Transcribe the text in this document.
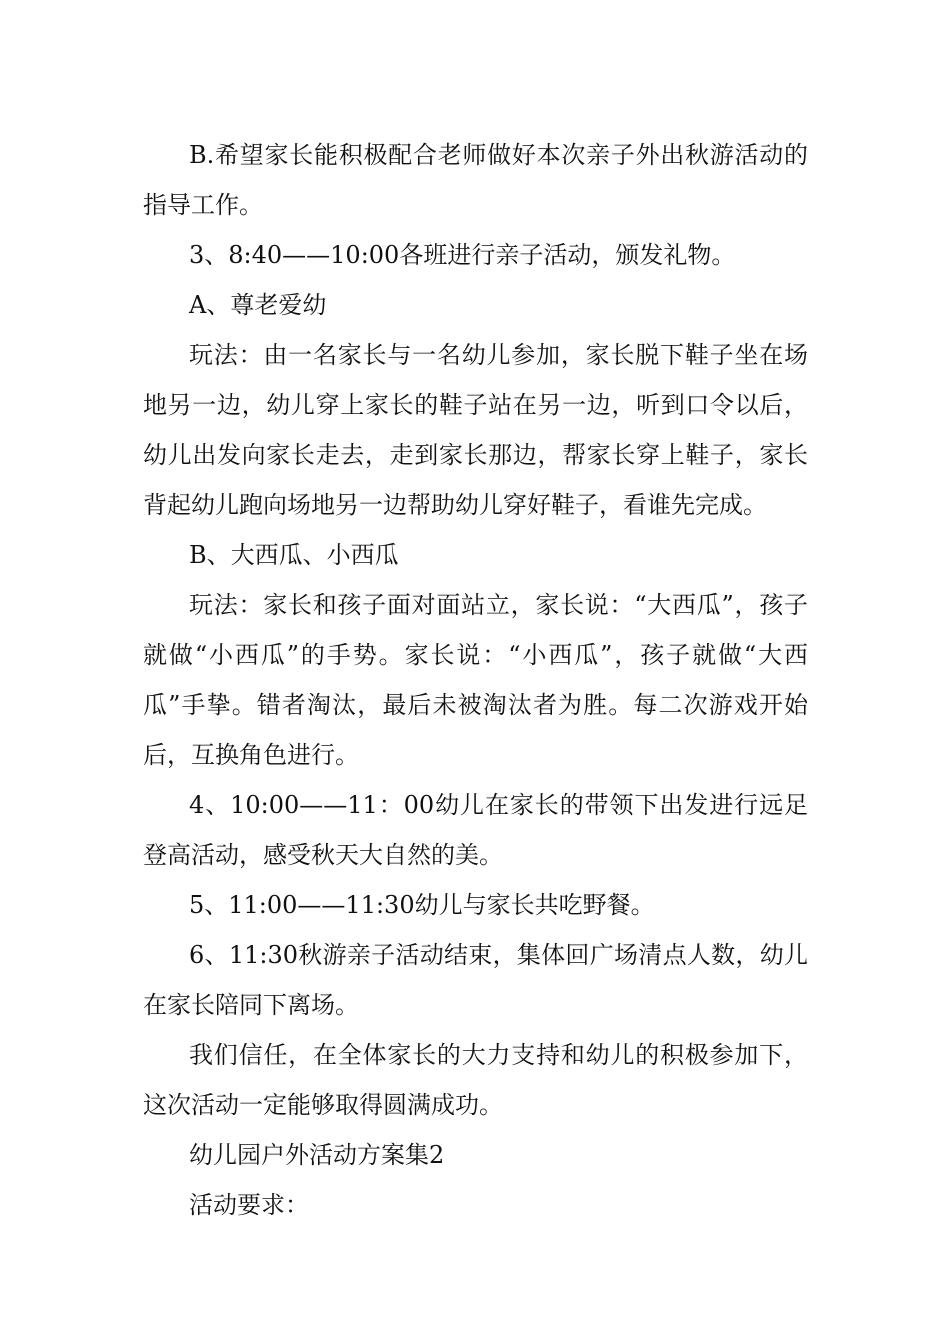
B.希望家长能积极配合老师做好本次亲子外出秋游活动的指导工作。

3、8:40——10:00各班进行亲子活动，颁发礼物。

A、尊老爱幼

玩法：由一名家长与一名幼儿参加，家长脱下鞋子坐在场地另一边，幼儿穿上家长的鞋子站在另一边，听到口令以后，幼儿出发向家长走去，走到家长那边，帮家长穿上鞋子，家长背起幼儿跑向场地另一边帮助幼儿穿好鞋子，看谁先完成。

B、大西瓜、小西瓜

玩法：家长和孩子面对面站立，家长说：“大西瓜”，孩子就做“小西瓜”的手势。家长说：“小西瓜”，孩子就做“大西瓜”手挚。错者淘汰，最后未被淘汰者为胜。每二次游戏开始后，互换角色进行。

4、10:00——11：00幼儿在家长的带领下出发进行远足登高活动，感受秋天大自然的美。

5、11:00——11:30幼儿与家长共吃野餐。

6、11:30秋游亲子活动结束，集体回广场清点人数，幼儿在家长陪同下离场。

我们信任，在全体家长的大力支持和幼儿的积极参加下，这次活动一定能够取得圆满成功。

幼儿园户外活动方案集2

活动要求：
